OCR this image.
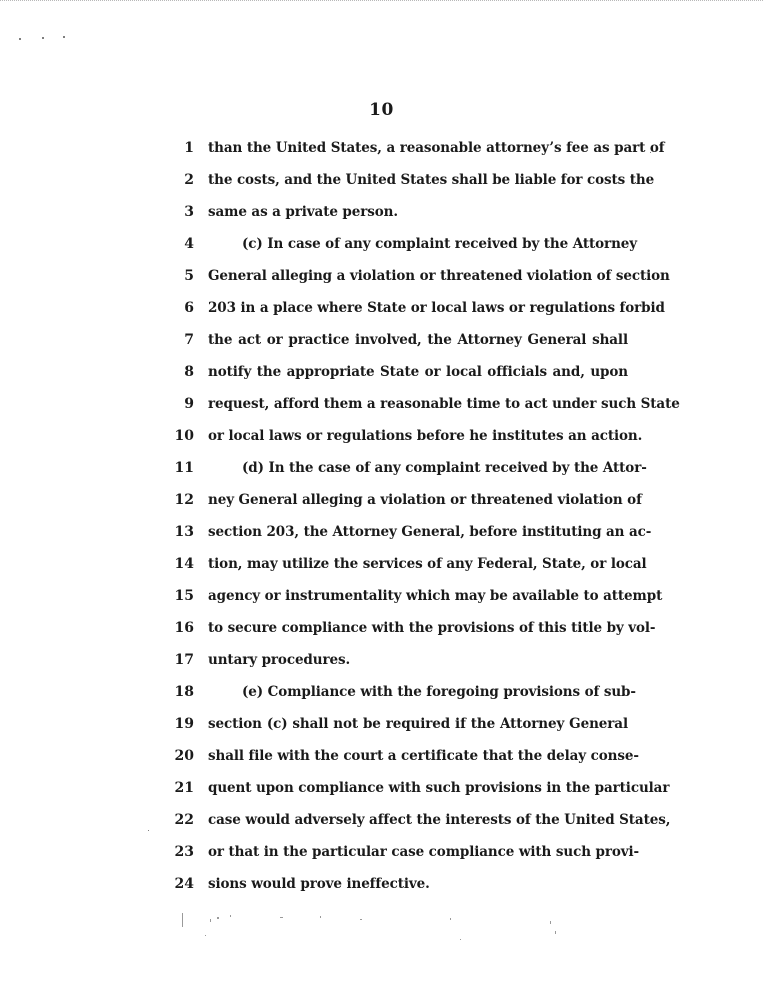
10
1 than the United States, a reasonable attorney’s fee as part of
2 the costs, and the United States shall be liable for costs the
3 same as a private person.
4	(c) In case of any complaint received by the Attorney
5 General alleging a violation or threatened violation of section
6 203 in a place where State or local laws or regulations forbid
7 the act or practice involved, the Attorney General shall
8 notify the appropriate State or local officials and, upon
9 request, afford them a reasonable time to act under such State
10 or local laws or regulations before he institutes an action.
11	(d) In the case of any complaint received by the Attor-
12 ney General alleging a violation or threatened violation of
13 section 203, the Attorney General, before instituting an ac-
14 tion, may utilize the services of any Federal, State, or local
15 agency or instrumentality which may be available to attempt
16 to secure compliance with the provisions of this title by vol-
17 untary procedures.
18	(e) Compliance with the foregoing provisions of sub-
19 section (c) shall not be required if the Attorney General
20 shall file with the court a certificate that the delay conse-
21 quent upon compliance with such provisions in the particular
22 case would adversely affect the interests of the United States,
23 or that in the particular case compliance with such provi-
24 sions would prove ineffective.
